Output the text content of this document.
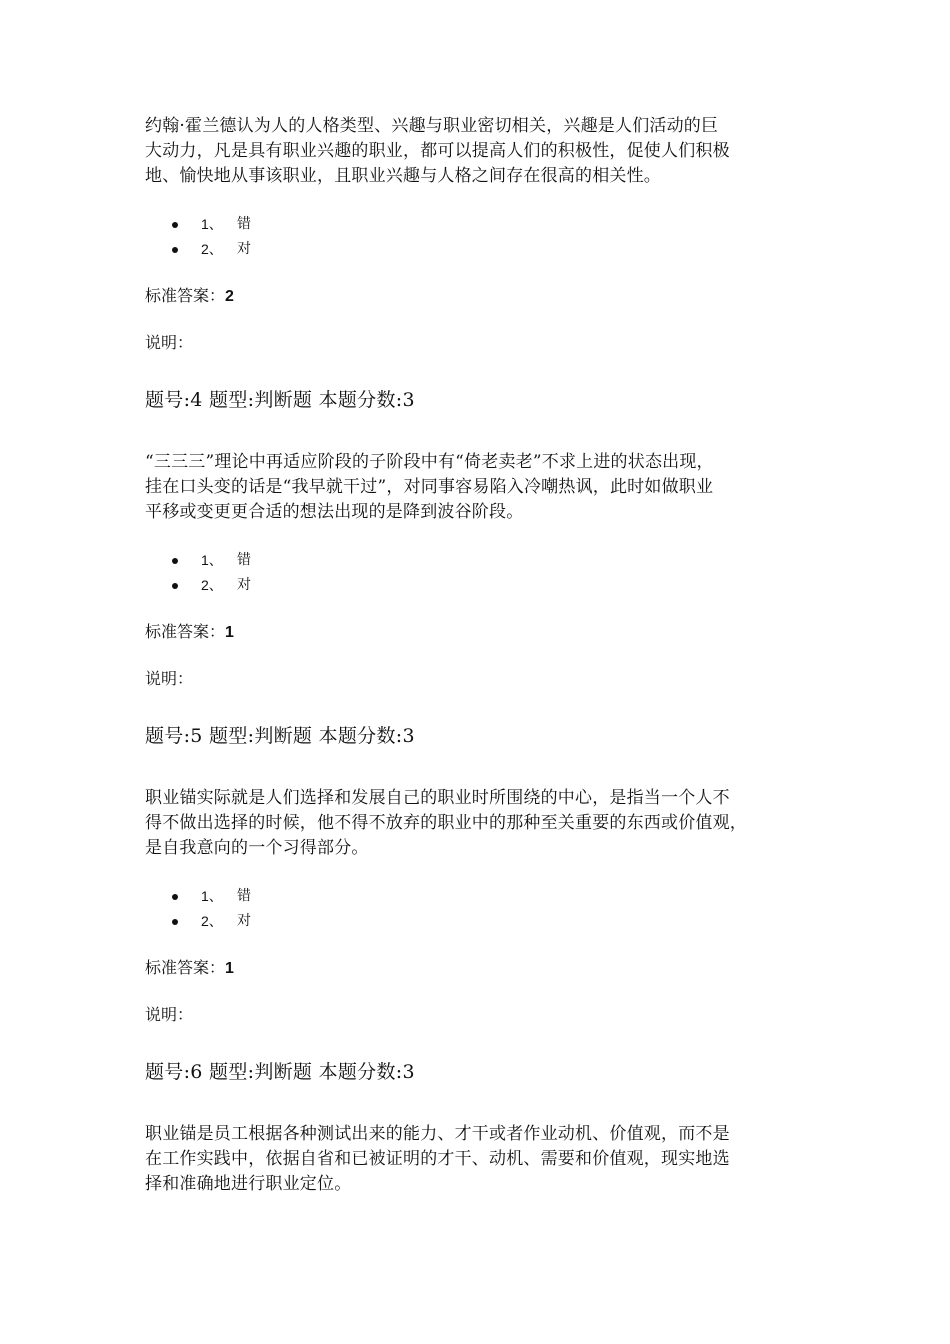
约翰·霍兰德认为人的人格类型、兴趣与职业密切相关，兴趣是人们活动的巨

大动力，凡是具有职业兴趣的职业，都可以提高人们的积极性，促使人们积极

地、愉快地从事该职业，且职业兴趣与人格之间存在很高的相关性。

1、 错
2、 对
标准答案：2
说明：
题号:4 题型:判断题 本题分数:3

“三三三”理论中再适应阶段的子阶段中有“倚老卖老”不求上进的状态出现，

挂在口头变的话是“我早就干过”，对同事容易陷入冷嘲热讽，此时如做职业

平移或变更更合适的想法出现的是降到波谷阶段。

1、 错
2、 对
标准答案：1
说明：
题号:5 题型:判断题 本题分数:3

职业锚实际就是人们选择和发展自己的职业时所围绕的中心，是指当一个人不

得不做出选择的时候，他不得不放弃的职业中的那种至关重要的东西或价值观，

是自我意向的一个习得部分。

1、 错
2、 对
标准答案：1
说明：
题号:6 题型:判断题 本题分数:3

职业锚是员工根据各种测试出来的能力、才干或者作业动机、价值观，而不是

在工作实践中，依据自省和已被证明的才干、动机、需要和价值观，现实地选

择和准确地进行职业定位。
